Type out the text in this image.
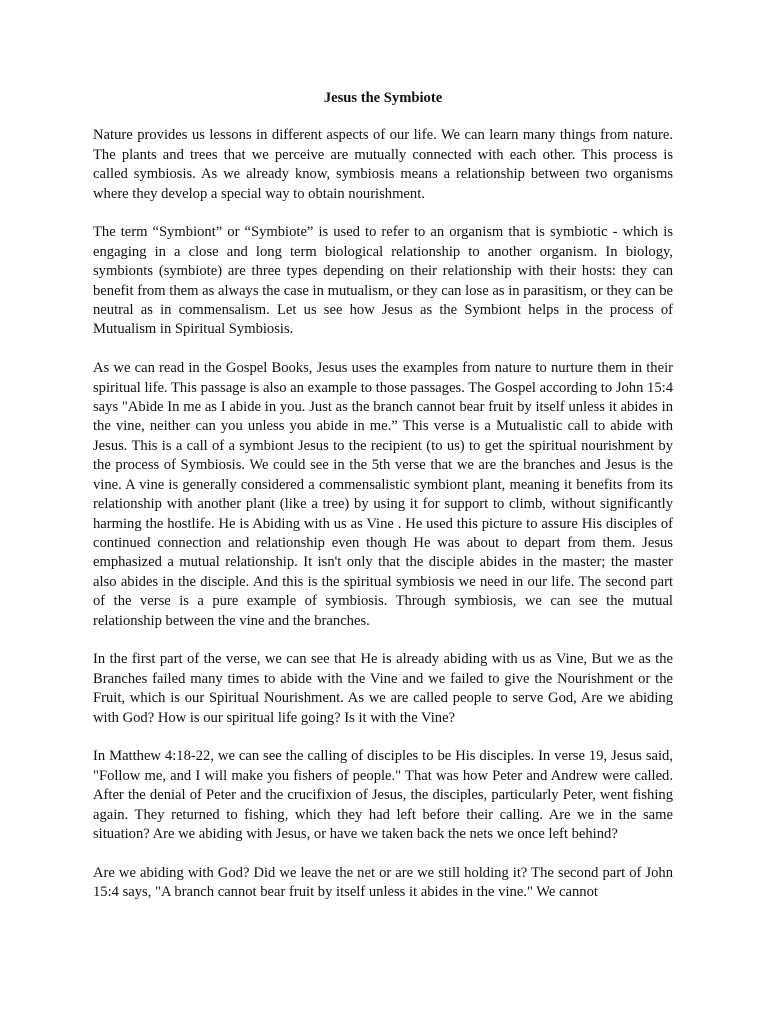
Jesus the Symbiote

Nature provides us lessons in different aspects of our life. We can learn many things from nature. The plants and trees that we perceive are mutually connected with each other. This process is called symbiosis. As we already know, symbiosis means a relationship between two organisms where they develop a special way to obtain nourishment.

The term “Symbiont” or “Symbiote” is used to refer to an organism that is symbiotic - which is engaging in a close and long term biological relationship to another organism. In biology, symbionts (symbiote) are three types depending on their relationship with their hosts: they can benefit from them as always the case in mutualism, or they can lose as in parasitism, or they can be neutral as in commensalism. Let us see how Jesus as the Symbiont helps in the process of Mutualism in Spiritual Symbiosis.

As we can read in the Gospel Books, Jesus uses the examples from nature to nurture them in their spiritual life. This passage is also an example to those passages. The Gospel according to John 15:4 says "Abide In me as I abide in you. Just as the branch cannot bear fruit by itself unless it abides in the vine, neither can you unless you abide in me.” This verse is a Mutualistic call to abide with Jesus. This is a call of a symbiont Jesus to the recipient (to us) to get the spiritual nourishment by the process of Symbiosis. We could see in the 5th verse that we are the branches and Jesus is the vine. A vine is generally considered a commensalistic symbiont plant, meaning it benefits from its relationship with another plant (like a tree) by using it for support to climb, without significantly harming the hostlife. He is Abiding with us as Vine . He used this picture to assure His disciples of continued connection and relationship even though He was about to depart from them. Jesus emphasized a mutual relationship. It isn't only that the disciple abides in the master; the master also abides in the disciple. And this is the spiritual symbiosis we need in our life. The second part of the verse is a pure example of symbiosis. Through symbiosis, we can see the mutual relationship between the vine and the branches.

In the first part of the verse, we can see that He is already abiding with us as Vine, But we as the Branches failed many times to abide with the Vine and we failed to give the Nourishment or the Fruit, which is our Spiritual Nourishment. As we are called people to serve God, Are we abiding with God? How is our spiritual life going? Is it with the Vine?

In Matthew 4:18-22, we can see the calling of disciples to be His disciples. In verse 19, Jesus said, "Follow me, and I will make you fishers of people." That was how Peter and Andrew were called. After the denial of Peter and the crucifixion of Jesus, the disciples, particularly Peter, went fishing again. They returned to fishing, which they had left before their calling. Are we in the same situation? Are we abiding with Jesus, or have we taken back the nets we once left behind?

Are we abiding with God? Did we leave the net or are we still holding it? The second part of John 15:4 says, "A branch cannot bear fruit by itself unless it abides in the vine." We cannot
